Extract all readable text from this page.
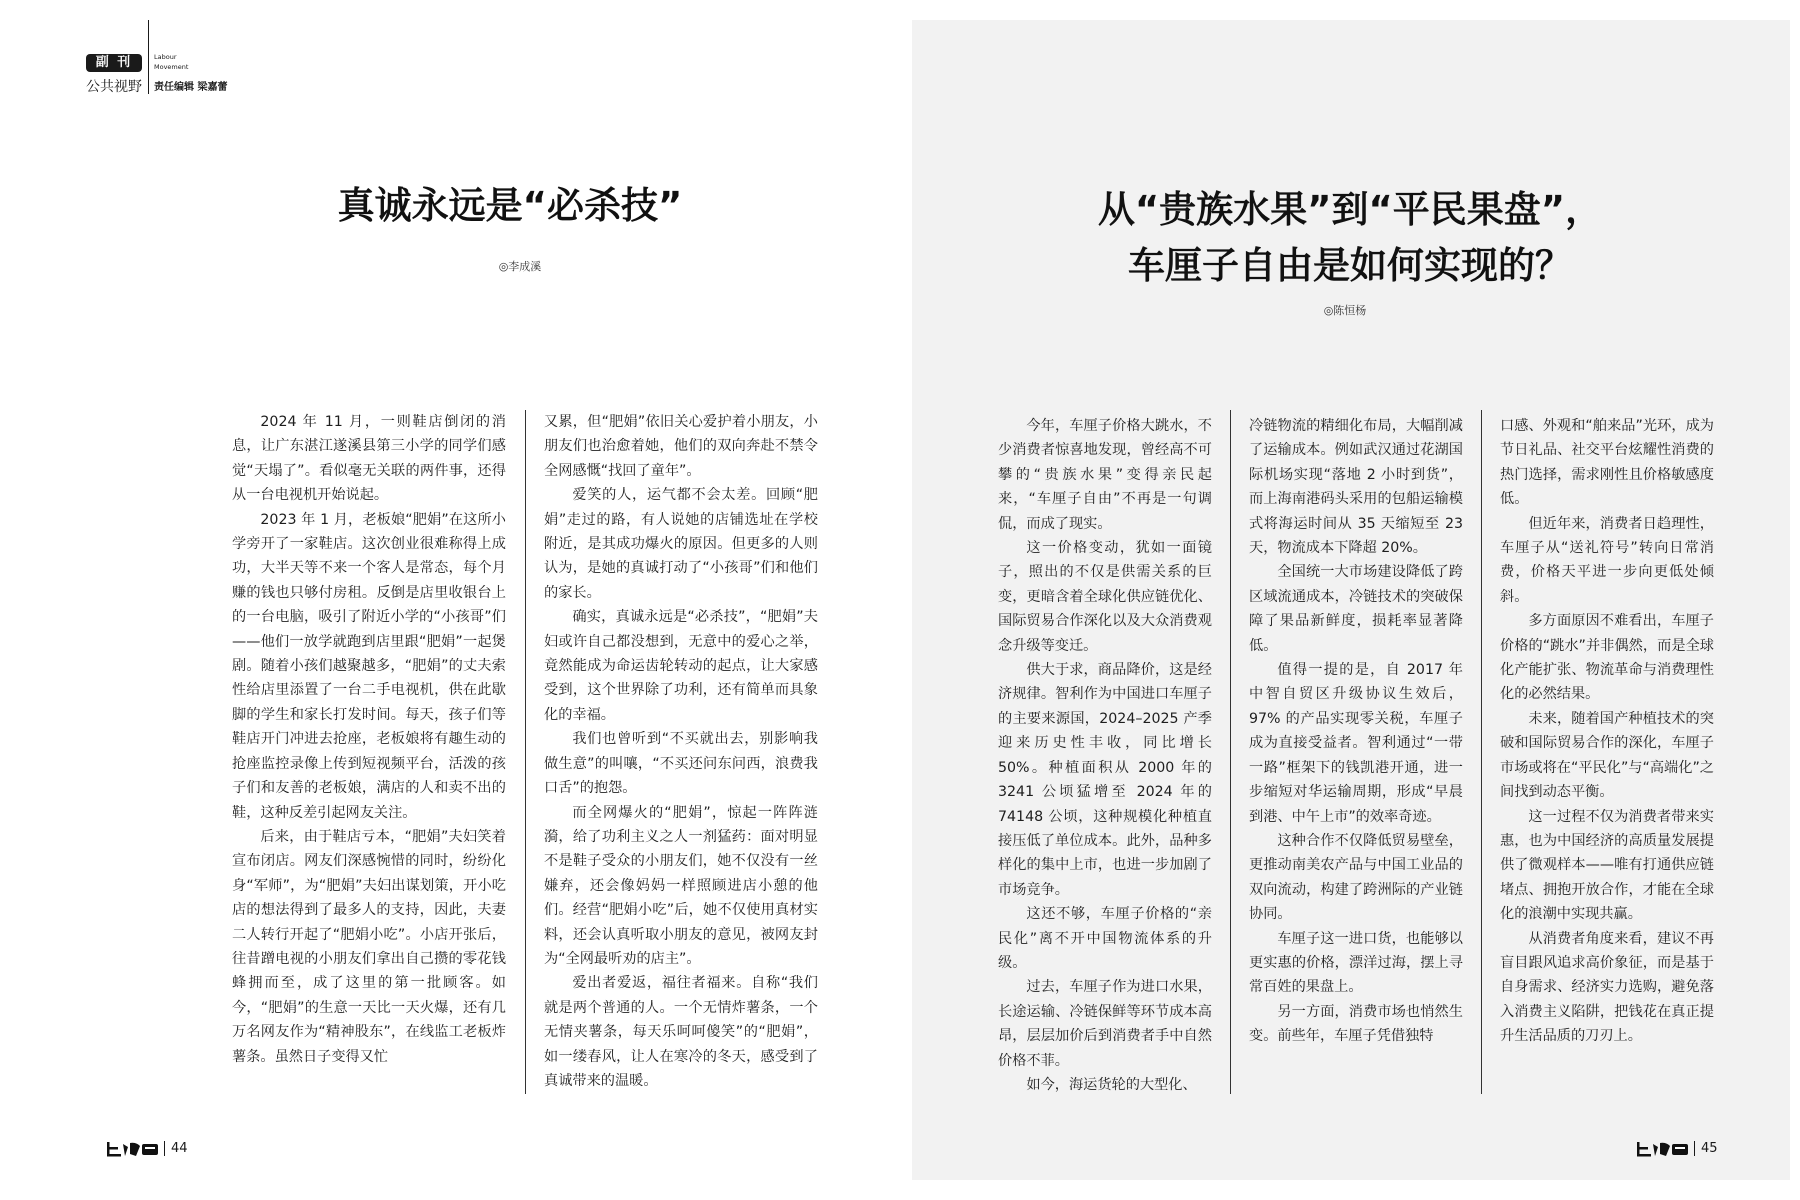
副 刊
公共视野
Labour
Movement
责任编辑 梁嘉蕾
真诚永远是“必杀技”
◎李成溪

2024 年 11 月，一则鞋店倒闭的消息，让广东湛江遂溪县第三小学的同学们感觉“天塌了”。看似毫无关联的两件事，还得从一台电视机开始说起。

2023 年 1 月，老板娘“肥娟”在这所小学旁开了一家鞋店。这次创业很难称得上成功，大半天等不来一个客人是常态，每个月赚的钱也只够付房租。反倒是店里收银台上的一台电脑，吸引了附近小学的“小孩哥”们——他们一放学就跑到店里跟“肥娟”一起煲剧。随着小孩们越聚越多，“肥娟”的丈夫索性给店里添置了一台二手电视机，供在此歇脚的学生和家长打发时间。每天，孩子们等鞋店开门冲进去抢座，老板娘将有趣生动的抢座监控录像上传到短视频平台，活泼的孩子们和友善的老板娘，满店的人和卖不出的鞋，这种反差引起网友关注。

后来，由于鞋店亏本，“肥娟”夫妇笑着宣布闭店。网友们深感惋惜的同时，纷纷化身“军师”，为“肥娟”夫妇出谋划策，开小吃店的想法得到了最多人的支持，因此，夫妻二人转行开起了“肥娟小吃”。小店开张后，往昔蹭电视的小朋友们拿出自己攒的零花钱蜂拥而至，成了这里的第一批顾客。如今，“肥娟”的生意一天比一天火爆，还有几万名网友作为“精神股东”，在线监工老板炸薯条。虽然日子变得又忙

又累，但“肥娟”依旧关心爱护着小朋友，小朋友们也治愈着她，他们的双向奔赴不禁令全网感慨“找回了童年”。

爱笑的人，运气都不会太差。回顾“肥娟”走过的路，有人说她的店铺选址在学校附近，是其成功爆火的原因。但更多的人则认为，是她的真诚打动了“小孩哥”们和他们的家长。

确实，真诚永远是“必杀技”，“肥娟”夫妇或许自己都没想到，无意中的爱心之举，竟然能成为命运齿轮转动的起点，让大家感受到，这个世界除了功利，还有简单而具象化的幸福。

我们也曾听到“不买就出去，别影响我做生意”的叫嚷，“不买还问东问西，浪费我口舌”的抱怨。

而全网爆火的“肥娟”，惊起一阵阵涟漪，给了功利主义之人一剂猛药：面对明显不是鞋子受众的小朋友们，她不仅没有一丝嫌弃，还会像妈妈一样照顾进店小憩的他们。经营“肥娟小吃”后，她不仅使用真材实料，还会认真听取小朋友的意见，被网友封为“全网最听劝的店主”。

爱出者爱返，福往者福来。自称“我们就是两个普通的人。一个无情炸薯条，一个无情夹薯条，每天乐呵呵傻笑”的“肥娟”，如一缕春风，让人在寒冷的冬天，感受到了真诚带来的温暖。

从“贵族水果”到“平民果盘”，
车厘子自由是如何实现的？
◎陈恒杨

今年，车厘子价格大跳水，不少消费者惊喜地发现，曾经高不可攀的“贵族水果”变得亲民起来，“车厘子自由”不再是一句调侃，而成了现实。

这一价格变动，犹如一面镜子，照出的不仅是供需关系的巨变，更暗含着全球化供应链优化、国际贸易合作深化以及大众消费观念升级等变迁。

供大于求，商品降价，这是经济规律。智利作为中国进口车厘子的主要来源国，2024–2025 产季迎来历史性丰收，同比增长 50%。种植面积从 2000 年的 3241 公顷猛增至 2024 年的 74148 公顷，这种规模化种植直接压低了单位成本。此外，品种多样化的集中上市，也进一步加剧了市场竞争。

这还不够，车厘子价格的“亲民化”离不开中国物流体系的升级。

过去，车厘子作为进口水果，长途运输、冷链保鲜等环节成本高昂，层层加价后到消费者手中自然价格不菲。

如今，海运货轮的大型化、

冷链物流的精细化布局，大幅削减了运输成本。例如武汉通过花湖国际机场实现“落地 2 小时到货”，而上海南港码头采用的包船运输模式将海运时间从 35 天缩短至 23 天，物流成本下降超 20%。

全国统一大市场建设降低了跨区域流通成本，冷链技术的突破保障了果品新鲜度，损耗率显著降低。

值得一提的是，自 2017 年中智自贸区升级协议生效后，97% 的产品实现零关税，车厘子成为直接受益者。智利通过“一带一路”框架下的钱凯港开通，进一步缩短对华运输周期，形成“早晨到港、中午上市”的效率奇迹。

这种合作不仅降低贸易壁垒，更推动南美农产品与中国工业品的双向流动，构建了跨洲际的产业链协同。

车厘子这一进口货，也能够以更实惠的价格，漂洋过海，摆上寻常百姓的果盘上。

另一方面，消费市场也悄然生变。前些年，车厘子凭借独特

口感、外观和“舶来品”光环，成为节日礼品、社交平台炫耀性消费的热门选择，需求刚性且价格敏感度低。

但近年来，消费者日趋理性，车厘子从“送礼符号”转向日常消费，价格天平进一步向更低处倾斜。

多方面原因不难看出，车厘子价格的“跳水”并非偶然，而是全球化产能扩张、物流革命与消费理性化的必然结果。

未来，随着国产种植技术的突破和国际贸易合作的深化，车厘子市场或将在“平民化”与“高端化”之间找到动态平衡。

这一过程不仅为消费者带来实惠，也为中国经济的高质量发展提供了微观样本——唯有打通供应链堵点、拥抱开放合作，才能在全球化的浪潮中实现共赢。

从消费者角度来看，建议不再盲目跟风追求高价象征，而是基于自身需求、经济实力选购，避免落入消费主义陷阱，把钱花在真正提升生活品质的刀刃上。

44	45
